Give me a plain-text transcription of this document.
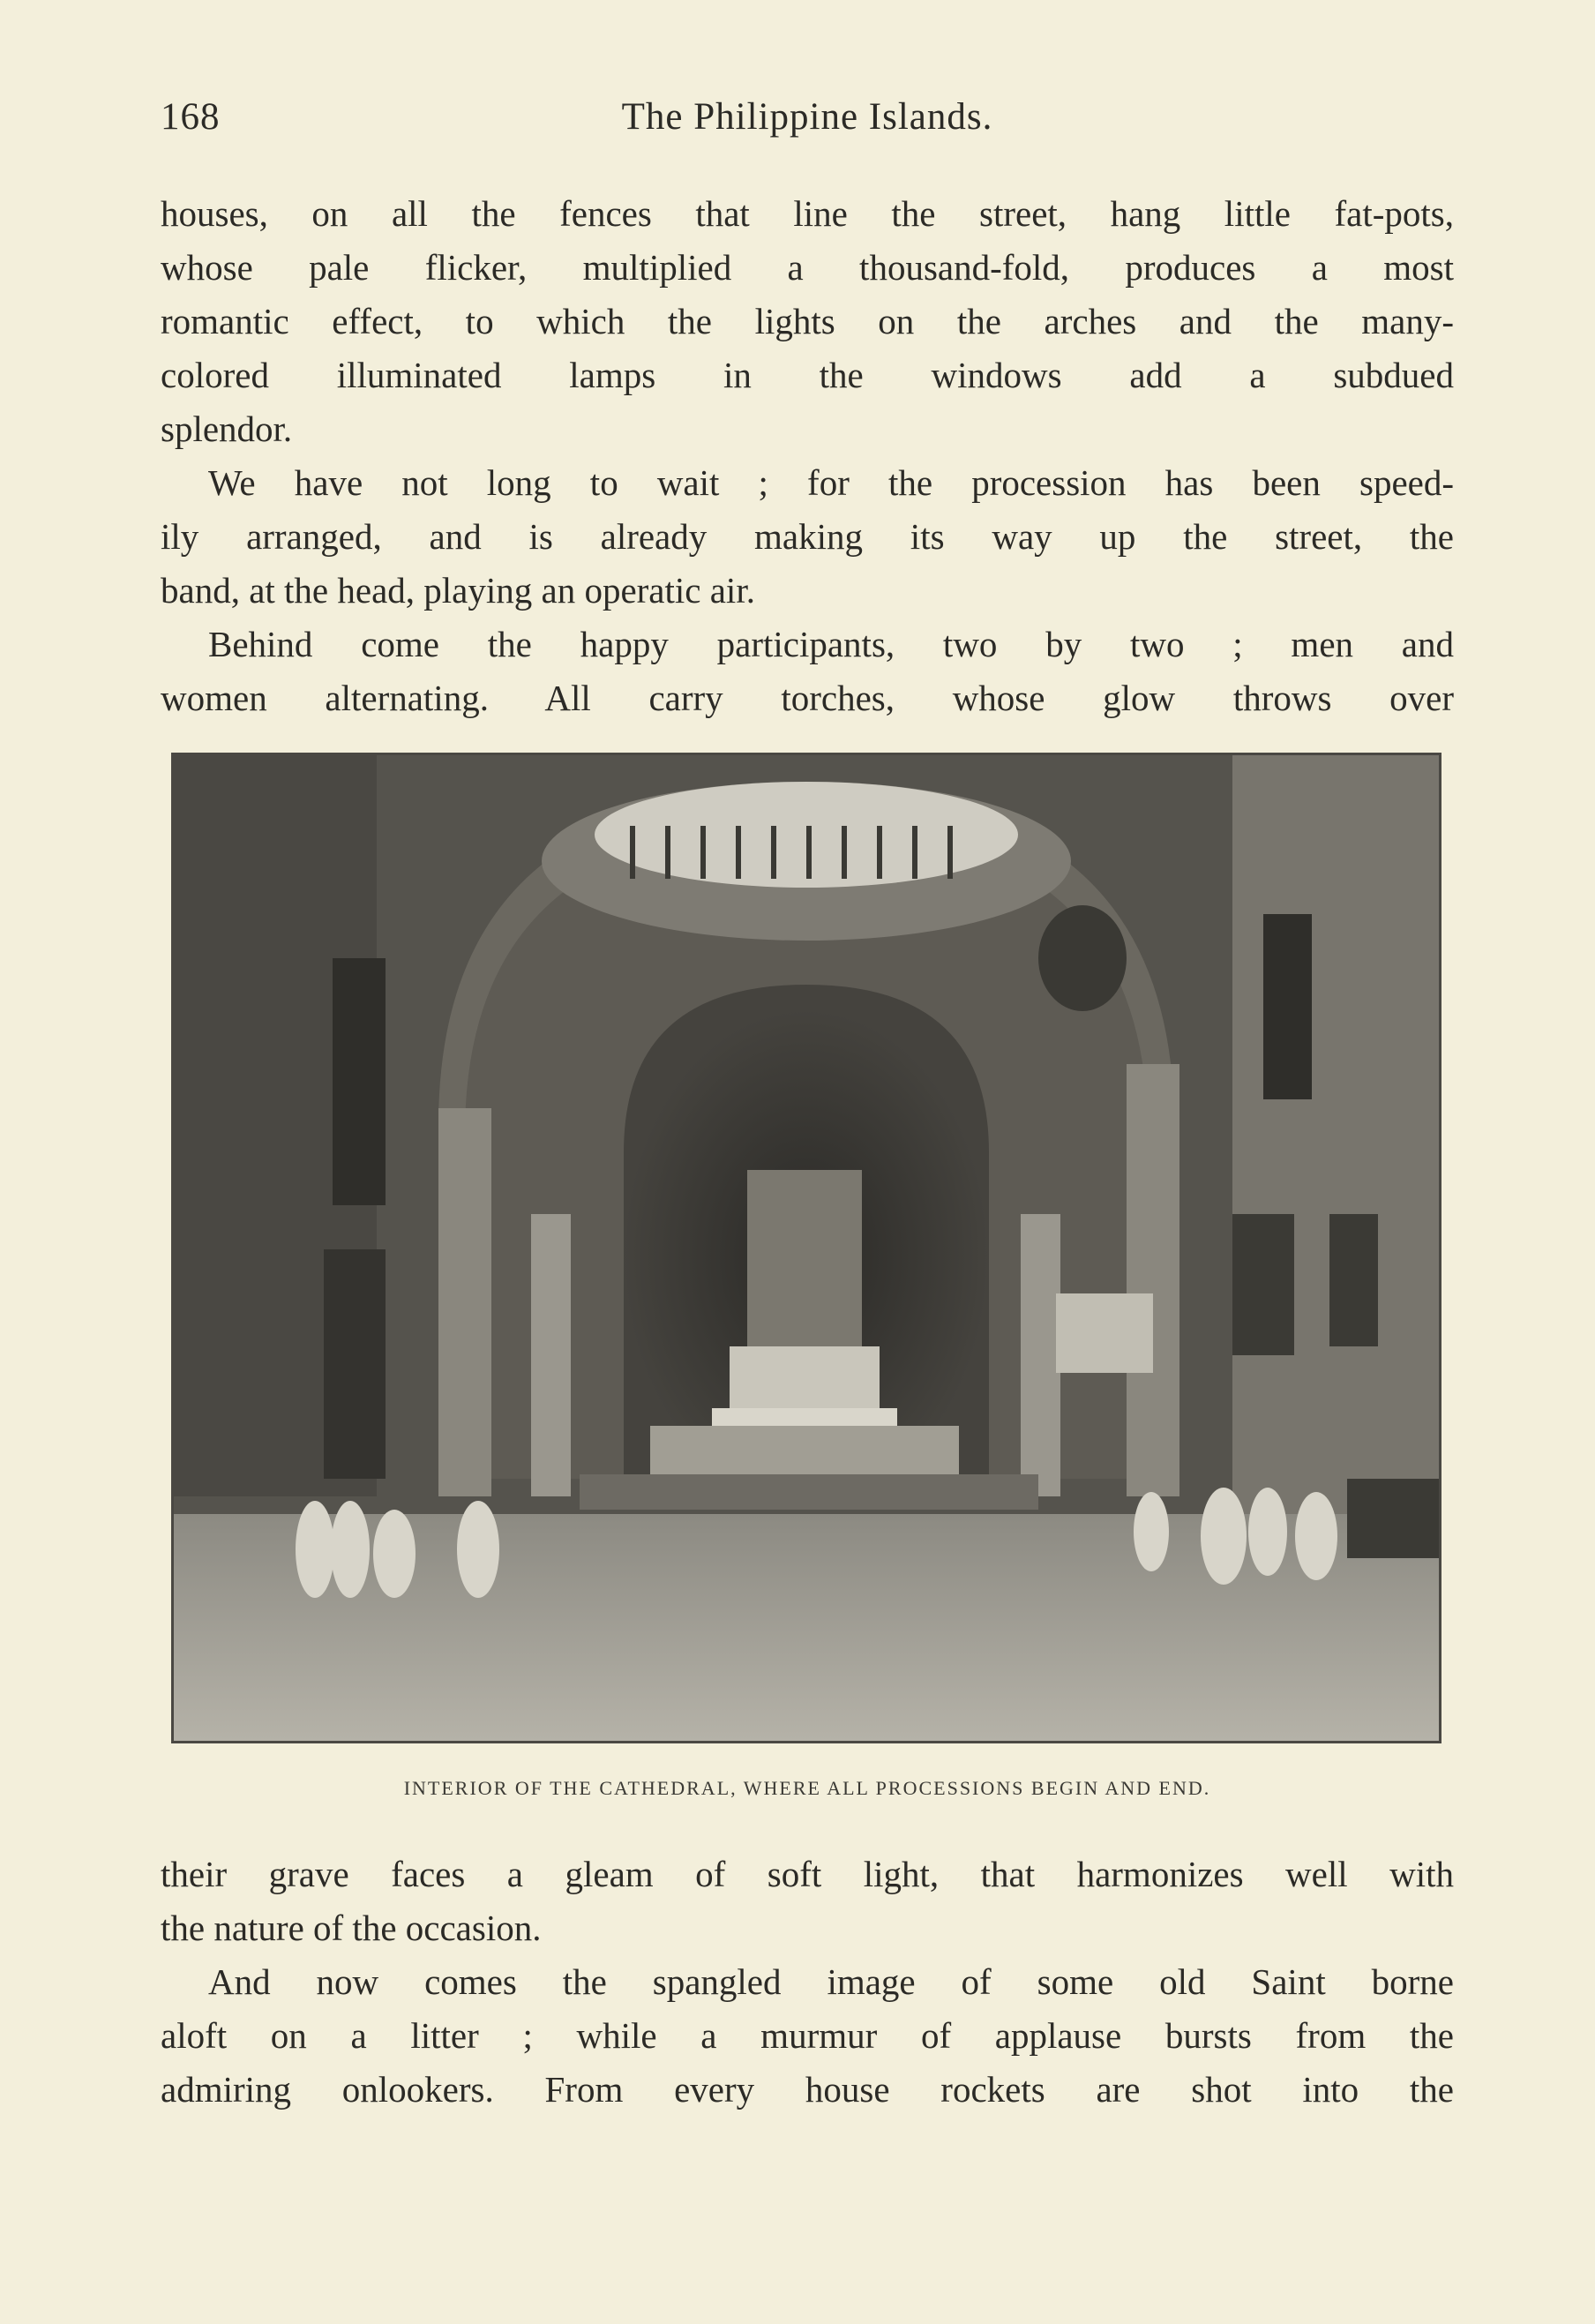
168	The Philippine Islands.

houses, on all the fences that line the street, hang little fat-pots,

whose pale flicker, multiplied a thousand-fold, produces a most

romantic effect, to which the lights on the arches and the many-

colored illuminated lamps in the windows add a subdued

splendor.

We have not long to wait ; for the procession has been speed-

ily arranged, and is already making its way up the street, the

band, at the head, playing an operatic air.

Behind come the happy participants, two by two ; men and

women alternating. All carry torches, whose glow throws over

INTERIOR OF THE CATHEDRAL, WHERE ALL PROCESSIONS BEGIN AND END.

their grave faces a gleam of soft light, that harmonizes well with

the nature of the occasion.

And now comes the spangled image of some old Saint borne

aloft on a litter ; while a murmur of applause bursts from the

admiring onlookers. From every house rockets are shot into the
